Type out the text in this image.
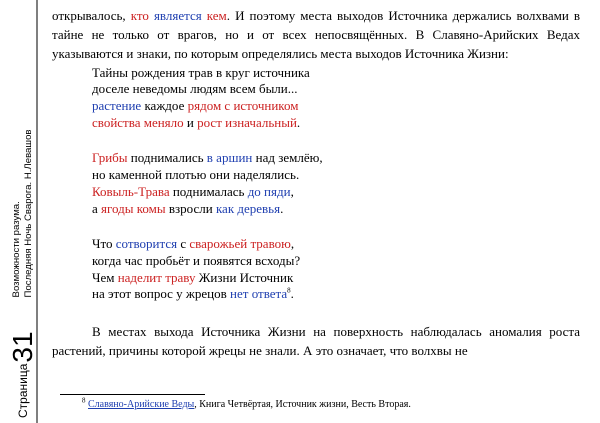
Страница
31
Возможности разума. Последняя Ночь Сварога. Н.Левашов

открывалось, кто является кем. И поэтому места выходов Источника держались волхвами в тайне не только от врагов, но и от всех непосвящённых. В Славяно-Арийских Ведах указываются и знаки, по которым определялись места выходов Источника Жизни:

Тайны рождения трав в круг источника
доселе неведомы людям всем были...
растение каждое рядом с источником
свойства меняло и рост изначальный.
Грибы поднимались в аршин над землёю,
но каменной плотью они наделялись.
Ковыль-Трава поднималась до пяди,
а ягоды комы взросли как деревья.
Что сотворится с сварожьей травою,
когда час пробьёт и появятся всходы?
Чем наделит траву Жизни Источник
на этот вопрос у жрецов нет ответа$^8$.

В местах выхода Источника Жизни на поверхность наблюдалась аномалия роста растений, причины которой жрецы не знали. А это означает, что волхвы не

$^8$ Славяно-Арийские Веды, Книга Четвёртая, Источник жизни, Весть Вторая.
